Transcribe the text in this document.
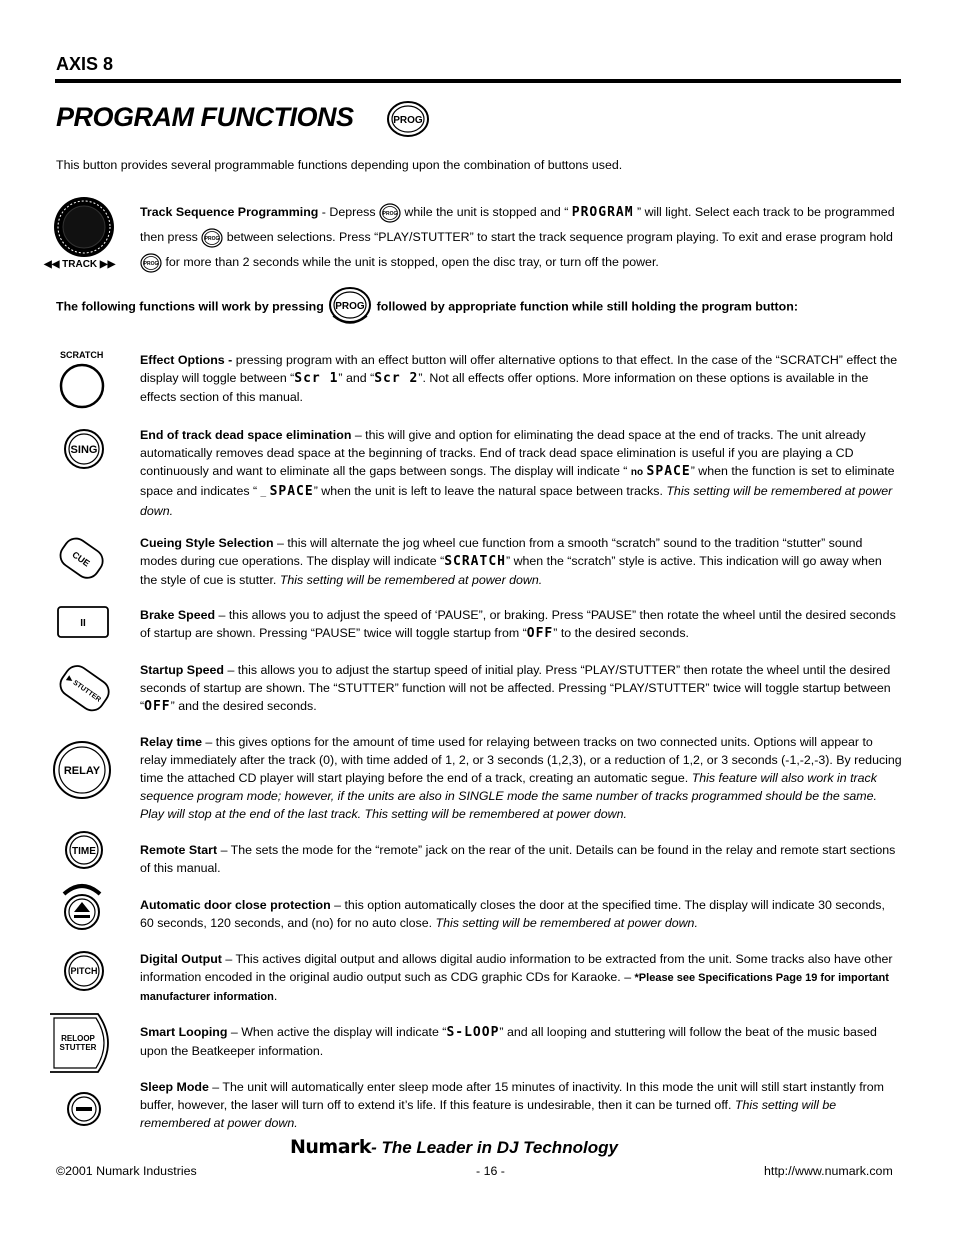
AXIS 8
PROGRAM FUNCTIONS	PROG
This button provides several programmable functions depending upon the combination of buttons used.
◀◀ TRACK ▶▶
Track Sequence Programming - Depress PROG while the unit is stopped and “ PROGRAM ” will light. Select each track to be programmed then press PROG between selections. Press “PLAY/STUTTER” to start the track sequence program playing. To exit and erase program hold
PROG for more than 2 seconds while the unit is stopped, open the disc tray, or turn off the power.
The following functions will work by pressing PROG followed by appropriate function while still holding the program button:
SCRATCH	Effect Options - pressing program with an effect button will offer alternative options to that effect. In the case of the “SCRATCH” effect the display will toggle between “Scr 1” and “Scr 2”. Not all effects offer options. More information on these options is available in the effects section of this manual.
SING
End of track dead space elimination – this will give and option for eliminating the dead space at the end of tracks. The unit already automatically removes dead space at the beginning of tracks. End of track dead space elimination is useful if you are playing a CD continuously and want to eliminate all the gaps between songs. The display will indicate “ no SPACE” when the function is set to eliminate space and indicates “ _ SPACE” when the unit is left to leave the natural space between tracks. This setting will be remembered at power down.
CUE
Cueing Style Selection – this will alternate the jog wheel cue function from a smooth “scratch” sound to the tradition “stutter” sound modes during cue operations. The display will indicate “SCRATCH” when the “scratch” style is active. This indication will go away when the style of cue is stutter. This setting will be remembered at power down.
II
Brake Speed – this allows you to adjust the speed of ‘PAUSE”, or braking. Press “PAUSE” then rotate the wheel until the desired seconds of startup are shown. Pressing “PAUSE” twice will toggle startup from “OFF” to the desired seconds.
▶ STUTTER
Startup Speed – this allows you to adjust the startup speed of initial play. Press “PLAY/STUTTER” then rotate the wheel until the desired seconds of startup are shown. The “STUTTER” function will not be affected. Pressing “PLAY/STUTTER” twice will toggle startup between “OFF” and the desired seconds.
RELAY
Relay time – this gives options for the amount of time used for relaying between tracks on two connected units. Options will appear to relay immediately after the track (0), with time added of 1, 2, or 3 seconds (1,2,3), or a reduction of 1,2, or 3 seconds (-1,-2,-3). By reducing time the attached CD player will start playing before the end of a track, creating an automatic segue. This feature will also work in track sequence program mode; however, if the units are also in SINGLE mode the same number of tracks programmed should be the same. Play will stop at the end of the last track. This setting will be remembered at power down.
TIME	Remote Start – The sets the mode for the “remote” jack on the rear of the unit. Details can be found in the relay and remote start sections of this manual.
Automatic door close protection – this option automatically closes the door at the specified time. The display will indicate 30 seconds, 60 seconds, 120 seconds, and (no) for no auto close. This setting will be remembered at power down.
PITCH
Digital Output – This actives digital output and allows digital audio information to be extracted from the unit. Some tracks also have other information encoded in the original audio output such as CDG graphic CDs for Karaoke. – *Please see Specifications Page 19 for important manufacturer information.
RELOOP
STUTTER
Smart Looping – When active the display will indicate “S-LOOP” and all looping and stuttering will follow the beat of the music based upon the Beatkeeper information.
Sleep Mode – The unit will automatically enter sleep mode after 15 minutes of inactivity. In this mode the unit will still start instantly from buffer, however, the laser will turn off to extend it’s life. If this feature is undesirable, then it can be turned off. This setting will be remembered at power down.
Numark- The Leader in DJ Technology
©2001 Numark Industries	- 16 -	http://www.numark.com
